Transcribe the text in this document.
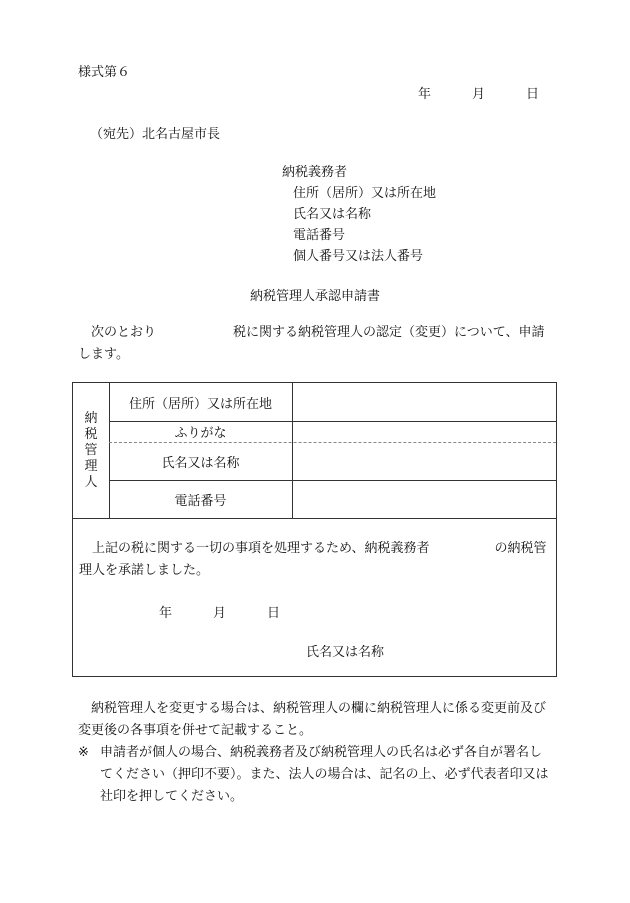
様式第６
年	月	日
（宛先）北名古屋市長
納税義務者
住所（居所）又は所在地
氏名又は名称
電話番号
個人番号又は法人番号
納税管理人承認申請書
次のとおり	税に関する納税管理人の認定（変更）について、申請します。
納
税
管
理
人
住所（居所）又は所在地
ふりがな
氏名又は名称
電話番号
上記の税に関する一切の事項を処理するため、納税義務者	の納税管理人を承諾しました。
年	月	日
氏名又は名称
納税管理人を変更する場合は、納税管理人の欄に納税管理人に係る変更前及び変更後の各事項を併せて記載すること。
※ 申請者が個人の場合、納税義務者及び納税管理人の氏名は必ず各自が署名してください（押印不要）。また、法人の場合は、記名の上、必ず代表者印又は社印を押してください。
